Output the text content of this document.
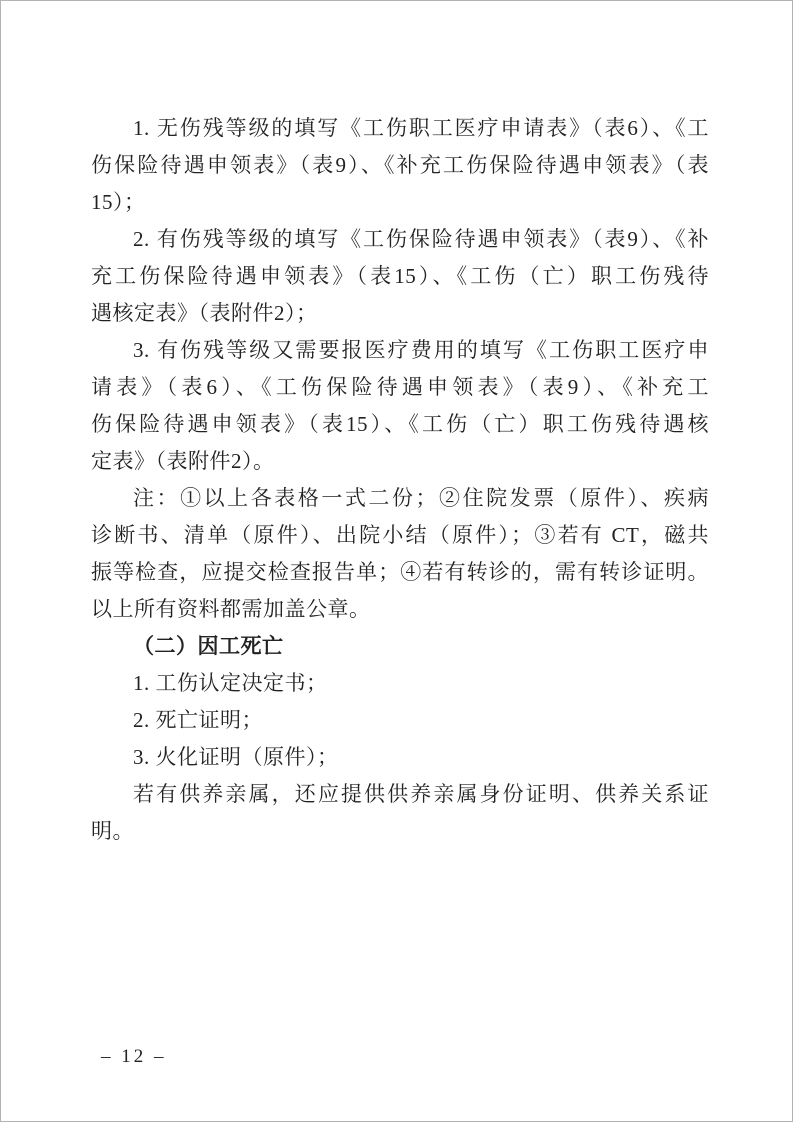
1. 无伤残等级的填写《工伤职工医疗申请表》（表6）、《工
伤保险待遇申领表》（表9）、《补充工伤保险待遇申领表》（表
15）；
2. 有伤残等级的填写《工伤保险待遇申领表》（表9）、《补
充工伤保险待遇申领表》（表15）、《工伤（亡）职工伤残待
遇核定表》（表附件2）；
3. 有伤残等级又需要报医疗费用的填写《工伤职工医疗申
请表》（表6）、《工伤保险待遇申领表》（表9）、《补充工
伤保险待遇申领表》（表15）、《工伤（亡）职工伤残待遇核
定表》（表附件2）。
注：①以上各表格一式二份；②住院发票（原件）、疾病
诊断书、清单（原件）、出院小结（原件）；③若有 CT，磁共
振等检查，应提交检查报告单；④若有转诊的，需有转诊证明。
以上所有资料都需加盖公章。
（二）因工死亡
1. 工伤认定决定书；
2. 死亡证明；
3. 火化证明（原件）；
若有供养亲属，还应提供供养亲属身份证明、供养关系证
明。
– 12 –
